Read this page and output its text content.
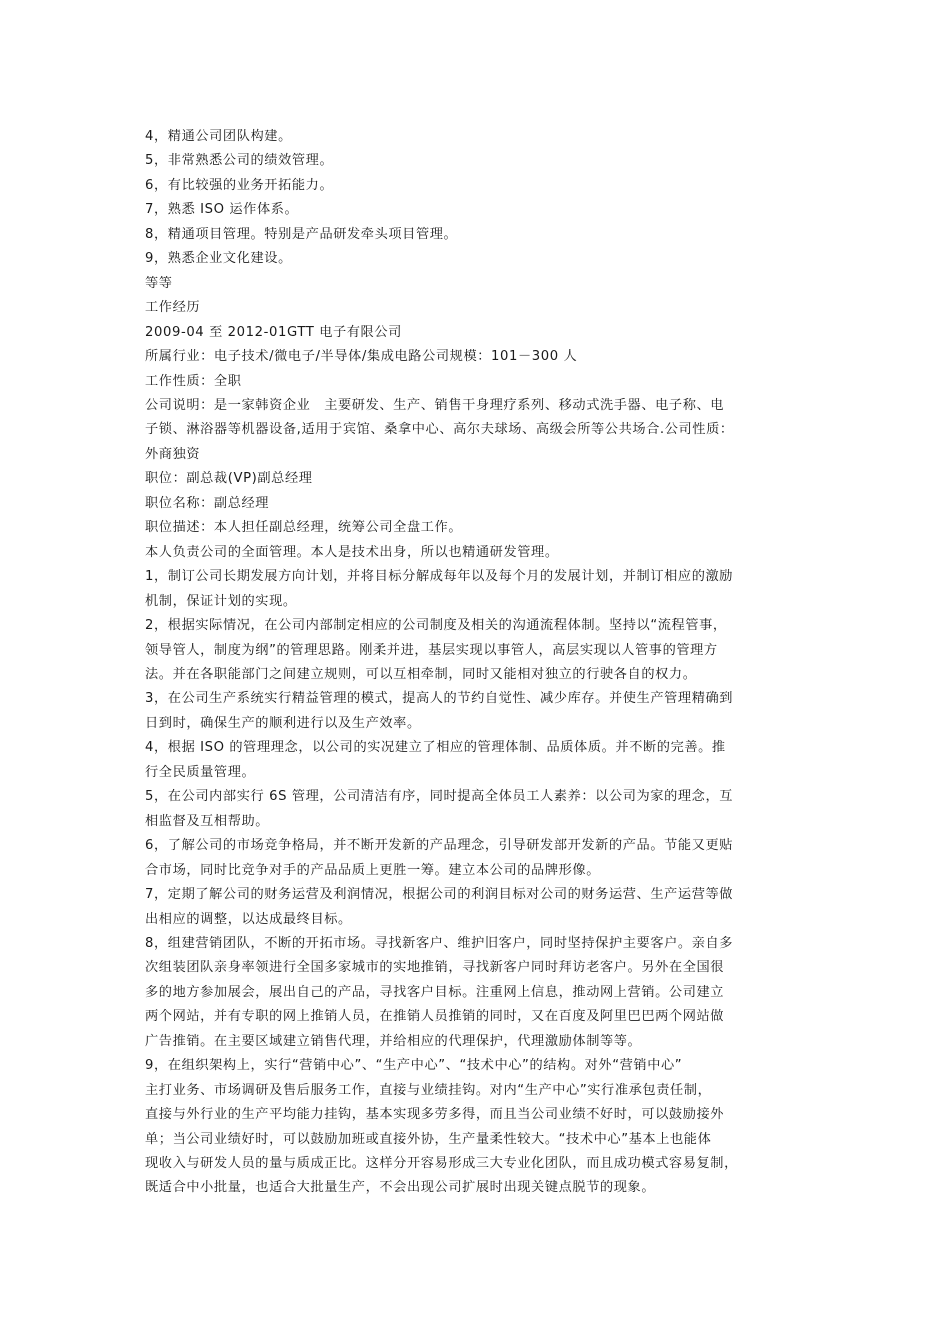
4，精通公司团队构建。
5，非常熟悉公司的绩效管理。
6，有比较强的业务开拓能力。
7，熟悉 ISO 运作体系。
8，精通项目管理。特别是产品研发牵头项目管理。
9，熟悉企业文化建设。
等等
工作经历
2009-04 至 2012-01GTT 电子有限公司
所属行业：电子技术/微电子/半导体/集成电路公司规模：101－300 人
工作性质：全职
公司说明：是一家韩资企业　主要研发、生产、销售干身理疗系列、移动式洗手器、电子称、电
子锁、淋浴器等机器设备,适用于宾馆、桑拿中心、高尔夫球场、高级会所等公共场合.公司性质：
外商独资
职位：副总裁(VP)副总经理
职位名称：副总经理
职位描述：本人担任副总经理，统筹公司全盘工作。
本人负责公司的全面管理。本人是技术出身，所以也精通研发管理。
1，制订公司长期发展方向计划，并将目标分解成每年以及每个月的发展计划，并制订相应的激励
机制，保证计划的实现。
2，根据实际情况，在公司内部制定相应的公司制度及相关的沟通流程体制。坚持以“流程管事，
领导管人，制度为纲”的管理思路。刚柔并进，基层实现以事管人，高层实现以人管事的管理方
法。并在各职能部门之间建立规则，可以互相牵制，同时又能相对独立的行驶各自的权力。
3，在公司生产系统实行精益管理的模式，提高人的节约自觉性、减少库存。并使生产管理精确到
日到时，确保生产的顺利进行以及生产效率。
4，根据 ISO 的管理理念，以公司的实况建立了相应的管理体制、品质体质。并不断的完善。推
行全民质量管理。
5，在公司内部实行 6S 管理，公司清洁有序，同时提高全体员工人素养：以公司为家的理念，互
相监督及互相帮助。
6，了解公司的市场竞争格局，并不断开发新的产品理念，引导研发部开发新的产品。节能又更贴
合市场，同时比竞争对手的产品品质上更胜一筹。建立本公司的品牌形像。
7，定期了解公司的财务运营及利润情况，根据公司的利润目标对公司的财务运营、生产运营等做
出相应的调整，以达成最终目标。
8，组建营销团队，不断的开拓市场。寻找新客户、维护旧客户，同时坚持保护主要客户。亲自多
次组装团队亲身率领进行全国多家城市的实地推销，寻找新客户同时拜访老客户。另外在全国很
多的地方参加展会，展出自己的产品，寻找客户目标。注重网上信息，推动网上营销。公司建立
两个网站，并有专职的网上推销人员，在推销人员推销的同时，又在百度及阿里巴巴两个网站做
广告推销。在主要区域建立销售代理，并给相应的代理保护，代理激励体制等等。
9，在组织架构上，实行“营销中心”、“生产中心”、“技术中心”的结构。对外“营销中心”
主打业务、市场调研及售后服务工作，直接与业绩挂钩。对内“生产中心”实行准承包责任制，
直接与外行业的生产平均能力挂钩，基本实现多劳多得，而且当公司业绩不好时，可以鼓励接外
单；当公司业绩好时，可以鼓励加班或直接外协，生产量柔性较大。“技术中心”基本上也能体
现收入与研发人员的量与质成正比。这样分开容易形成三大专业化团队，而且成功模式容易复制，
既适合中小批量，也适合大批量生产，不会出现公司扩展时出现关键点脱节的现象。
